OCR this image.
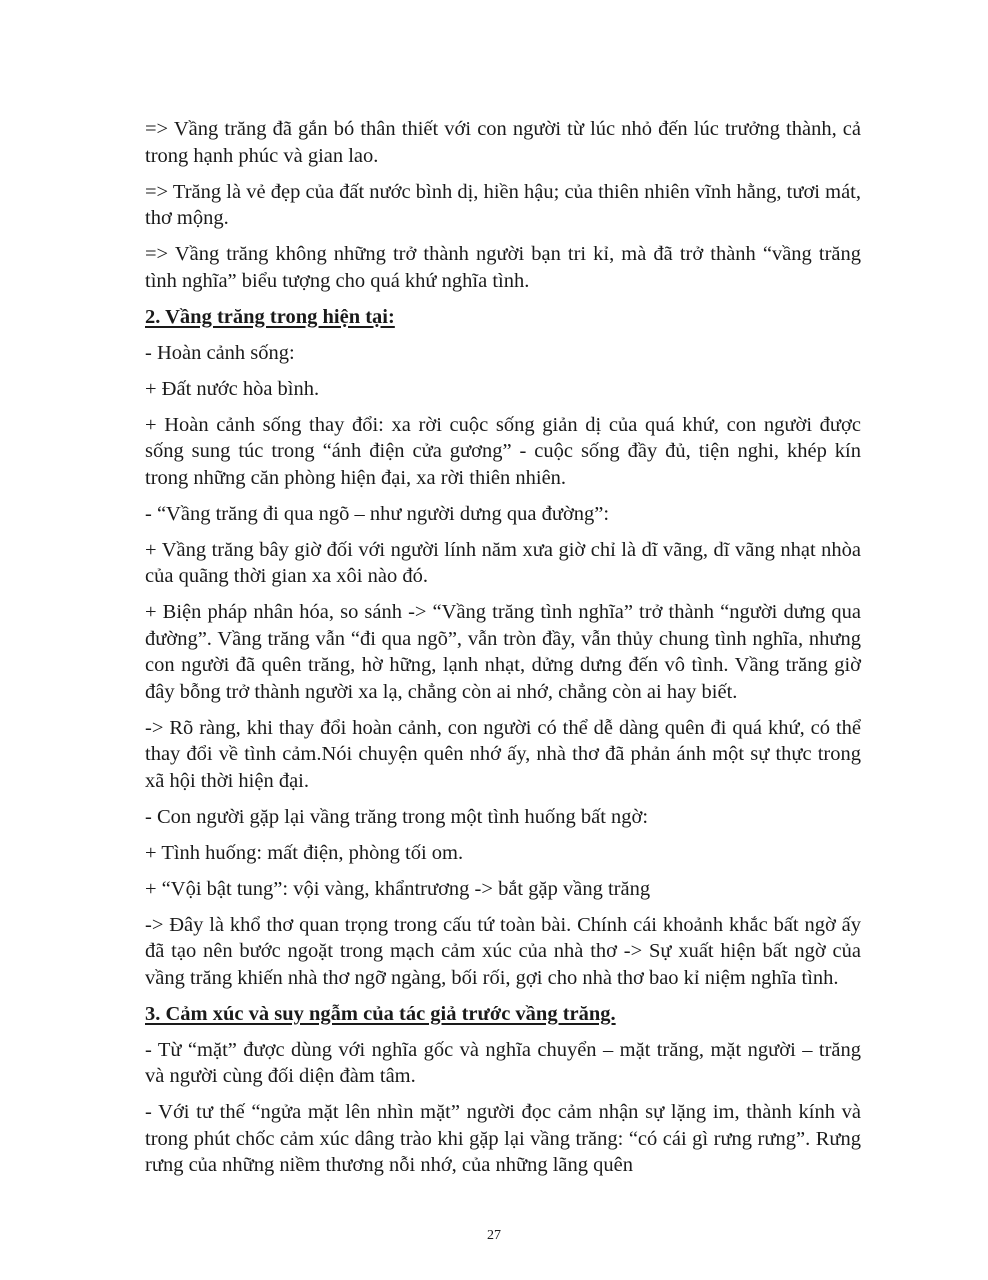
=> Vầng trăng đã gắn bó thân thiết với con người từ lúc nhỏ đến lúc trưởng thành, cả trong hạnh phúc và gian lao.

=> Trăng là vẻ đẹp của đất nước bình dị, hiền hậu; của thiên nhiên vĩnh hằng, tươi mát, thơ mộng.

=> Vầng trăng không những trở thành người bạn tri kỉ, mà đã trở thành “vầng trăng tình nghĩa” biểu tượng cho quá khứ nghĩa tình.

2. Vầng trăng trong hiện tại:

- Hoàn cảnh sống:

+ Đất nước hòa bình.

+ Hoàn cảnh sống thay đổi: xa rời cuộc sống giản dị của quá khứ, con người được sống sung túc trong “ánh điện cửa gương” - cuộc sống đầy đủ, tiện nghi, khép kín trong những căn phòng hiện đại, xa rời thiên nhiên.

- “Vầng trăng đi qua ngõ – như người dưng qua đường”:

+ Vầng trăng bây giờ đối với người lính năm xưa giờ chỉ là dĩ vãng, dĩ vãng nhạt nhòa của quãng thời gian xa xôi nào đó.

+ Biện pháp nhân hóa, so sánh -> “Vầng trăng tình nghĩa” trở thành “người dưng qua đường”. Vầng trăng vẫn “đi qua ngõ”, vẫn tròn đầy, vẫn thủy chung tình nghĩa, nhưng con người đã quên trăng, hờ hững, lạnh nhạt, dửng dưng đến vô tình. Vầng trăng giờ đây bỗng trở thành người xa lạ, chẳng còn ai nhớ, chẳng còn ai hay biết.

-> Rõ ràng, khi thay đổi hoàn cảnh, con người có thể dễ dàng quên đi quá khứ, có thể thay đổi về tình cảm.Nói chuyện quên nhớ ấy, nhà thơ đã phản ánh một sự thực trong xã hội thời hiện đại.

- Con người gặp lại vầng trăng trong một tình huống bất ngờ:

+ Tình huống: mất điện, phòng tối om.

+ “Vội bật tung”: vội vàng, khẩntrương -> bắt gặp vầng trăng

-> Đây là khổ thơ quan trọng trong cấu tứ toàn bài. Chính cái khoảnh khắc bất ngờ ấy đã tạo nên bước ngoặt trong mạch cảm xúc của nhà thơ -> Sự xuất hiện bất ngờ của vầng trăng khiến nhà thơ ngỡ ngàng, bối rối, gợi cho nhà thơ bao kỉ niệm nghĩa tình.

3. Cảm xúc và suy ngẫm của tác giả trước vầng trăng.

- Từ “mặt” được dùng với nghĩa gốc và nghĩa chuyển – mặt trăng, mặt người – trăng và người cùng đối diện đàm tâm.

- Với tư thế “ngửa mặt lên nhìn mặt” người đọc cảm nhận sự lặng im, thành kính và trong phút chốc cảm xúc dâng trào khi gặp lại vầng trăng: “có cái gì rưng rưng”. Rưng rưng của những niềm thương nỗi nhớ, của những lãng quên

27
